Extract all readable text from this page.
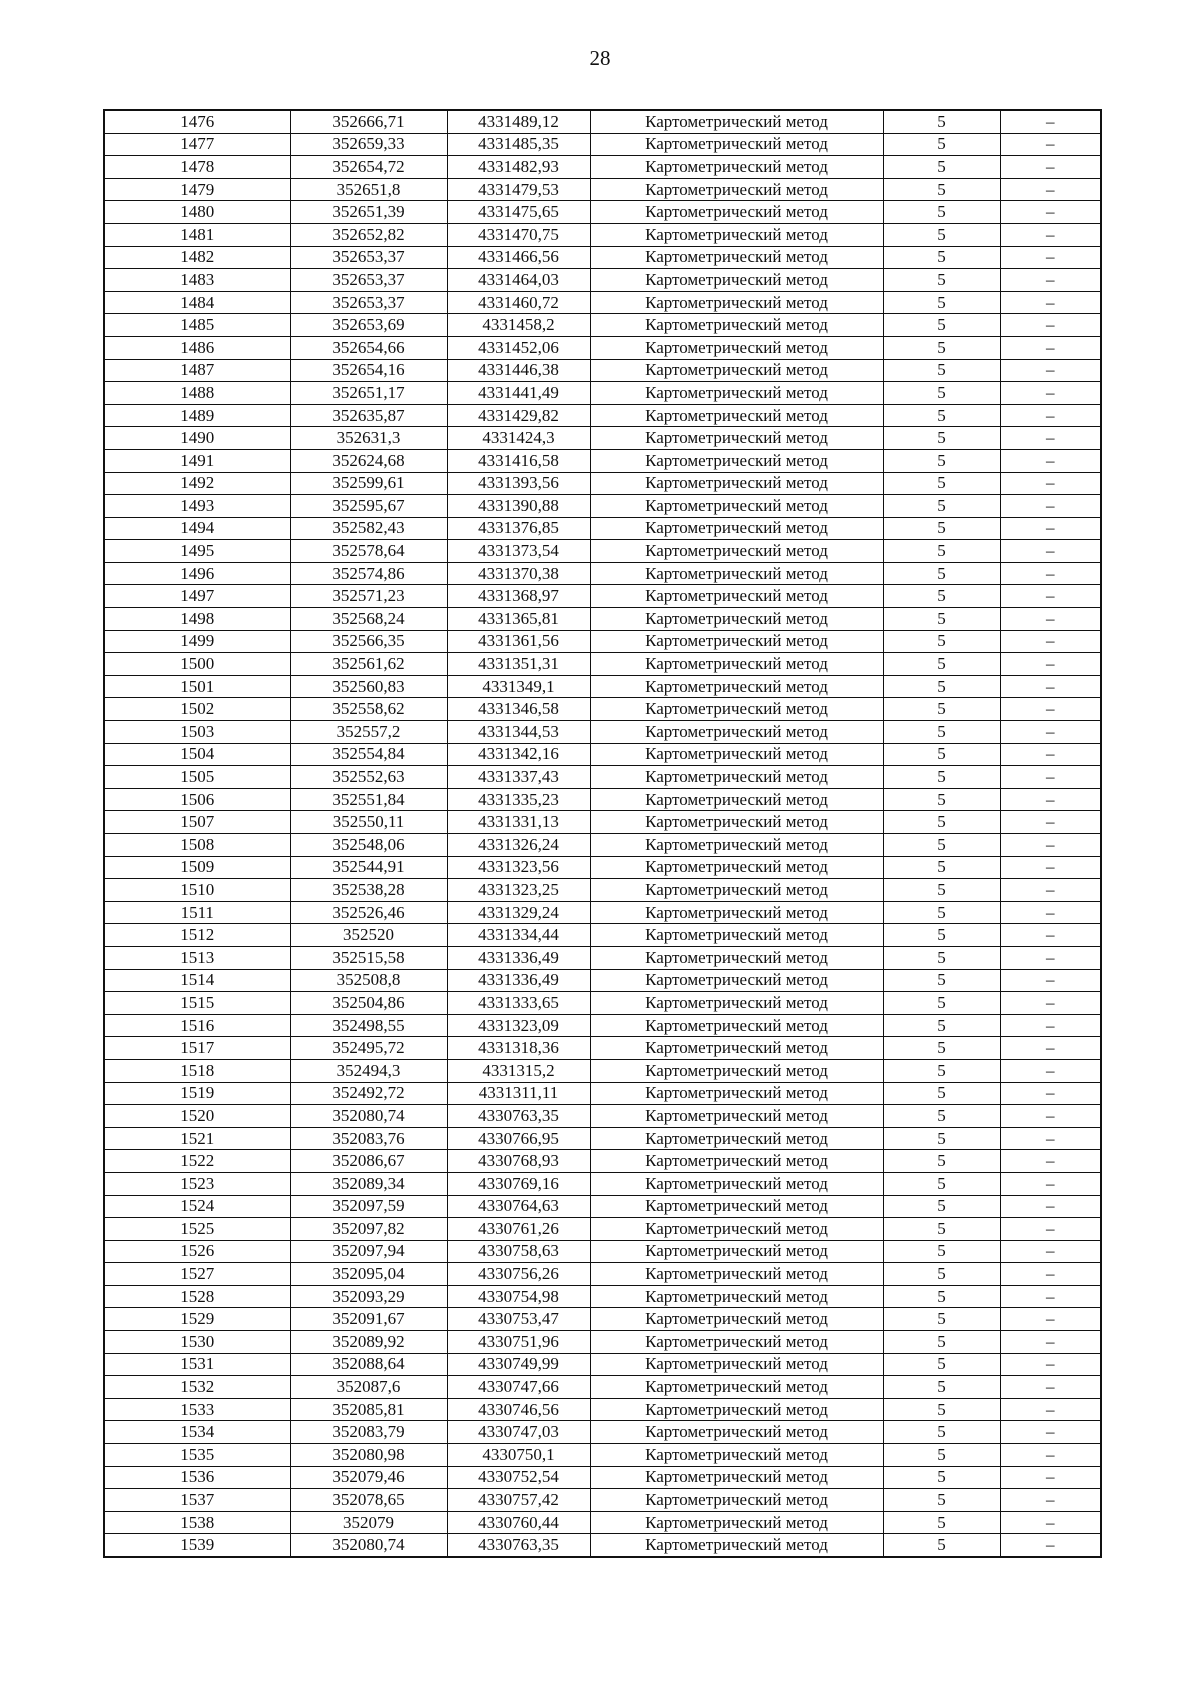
28
1476	352666,71	4331489,12	Картометрический метод	5	–
1477	352659,33	4331485,35	Картометрический метод	5	–
1478	352654,72	4331482,93	Картометрический метод	5	–
1479	352651,8	4331479,53	Картометрический метод	5	–
1480	352651,39	4331475,65	Картометрический метод	5	–
1481	352652,82	4331470,75	Картометрический метод	5	–
1482	352653,37	4331466,56	Картометрический метод	5	–
1483	352653,37	4331464,03	Картометрический метод	5	–
1484	352653,37	4331460,72	Картометрический метод	5	–
1485	352653,69	4331458,2	Картометрический метод	5	–
1486	352654,66	4331452,06	Картометрический метод	5	–
1487	352654,16	4331446,38	Картометрический метод	5	–
1488	352651,17	4331441,49	Картометрический метод	5	–
1489	352635,87	4331429,82	Картометрический метод	5	–
1490	352631,3	4331424,3	Картометрический метод	5	–
1491	352624,68	4331416,58	Картометрический метод	5	–
1492	352599,61	4331393,56	Картометрический метод	5	–
1493	352595,67	4331390,88	Картометрический метод	5	–
1494	352582,43	4331376,85	Картометрический метод	5	–
1495	352578,64	4331373,54	Картометрический метод	5	–
1496	352574,86	4331370,38	Картометрический метод	5	–
1497	352571,23	4331368,97	Картометрический метод	5	–
1498	352568,24	4331365,81	Картометрический метод	5	–
1499	352566,35	4331361,56	Картометрический метод	5	–
1500	352561,62	4331351,31	Картометрический метод	5	–
1501	352560,83	4331349,1	Картометрический метод	5	–
1502	352558,62	4331346,58	Картометрический метод	5	–
1503	352557,2	4331344,53	Картометрический метод	5	–
1504	352554,84	4331342,16	Картометрический метод	5	–
1505	352552,63	4331337,43	Картометрический метод	5	–
1506	352551,84	4331335,23	Картометрический метод	5	–
1507	352550,11	4331331,13	Картометрический метод	5	–
1508	352548,06	4331326,24	Картометрический метод	5	–
1509	352544,91	4331323,56	Картометрический метод	5	–
1510	352538,28	4331323,25	Картометрический метод	5	–
1511	352526,46	4331329,24	Картометрический метод	5	–
1512	352520	4331334,44	Картометрический метод	5	–
1513	352515,58	4331336,49	Картометрический метод	5	–
1514	352508,8	4331336,49	Картометрический метод	5	–
1515	352504,86	4331333,65	Картометрический метод	5	–
1516	352498,55	4331323,09	Картометрический метод	5	–
1517	352495,72	4331318,36	Картометрический метод	5	–
1518	352494,3	4331315,2	Картометрический метод	5	–
1519	352492,72	4331311,11	Картометрический метод	5	–
1520	352080,74	4330763,35	Картометрический метод	5	–
1521	352083,76	4330766,95	Картометрический метод	5	–
1522	352086,67	4330768,93	Картометрический метод	5	–
1523	352089,34	4330769,16	Картометрический метод	5	–
1524	352097,59	4330764,63	Картометрический метод	5	–
1525	352097,82	4330761,26	Картометрический метод	5	–
1526	352097,94	4330758,63	Картометрический метод	5	–
1527	352095,04	4330756,26	Картометрический метод	5	–
1528	352093,29	4330754,98	Картометрический метод	5	–
1529	352091,67	4330753,47	Картометрический метод	5	–
1530	352089,92	4330751,96	Картометрический метод	5	–
1531	352088,64	4330749,99	Картометрический метод	5	–
1532	352087,6	4330747,66	Картометрический метод	5	–
1533	352085,81	4330746,56	Картометрический метод	5	–
1534	352083,79	4330747,03	Картометрический метод	5	–
1535	352080,98	4330750,1	Картометрический метод	5	–
1536	352079,46	4330752,54	Картометрический метод	5	–
1537	352078,65	4330757,42	Картометрический метод	5	–
1538	352079	4330760,44	Картометрический метод	5	–
1539	352080,74	4330763,35	Картометрический метод	5	–
